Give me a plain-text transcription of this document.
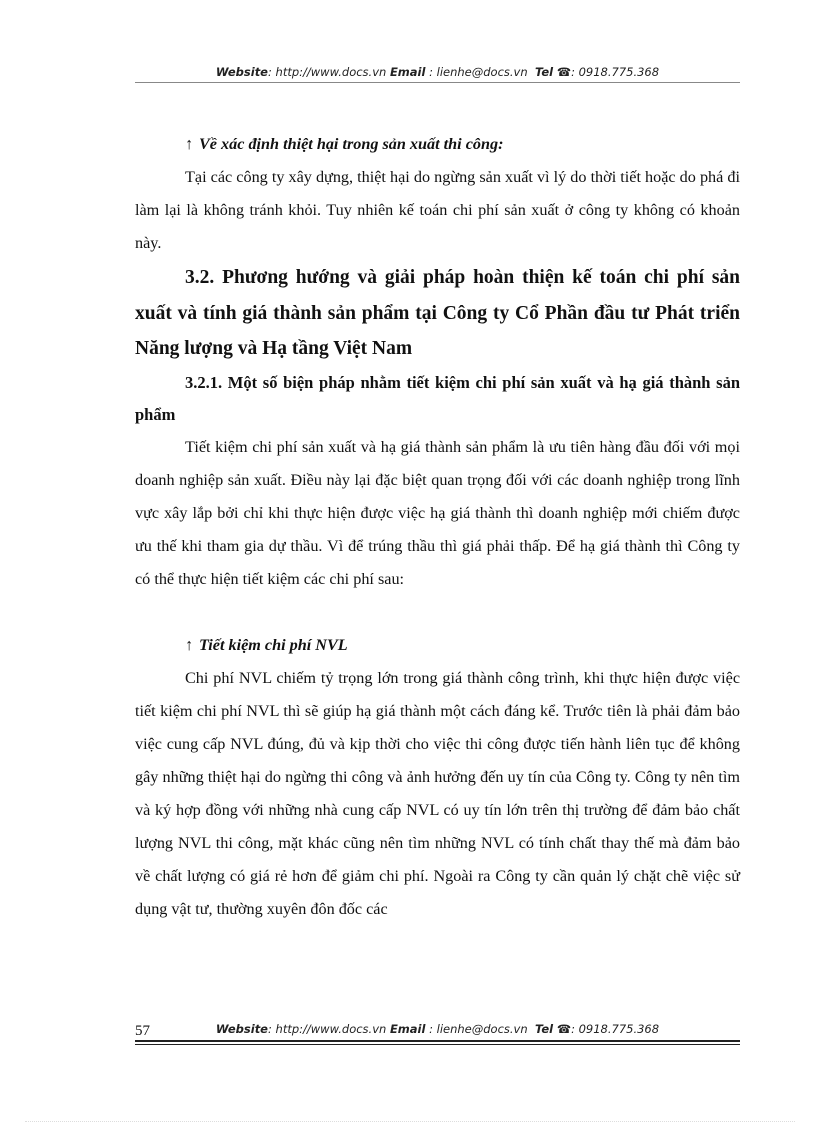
Website: http://www.docs.vn Email : lienhe@docs.vn Tel ☎: 0918.775.368

↑ Về xác định thiệt hại trong sản xuất thi công:

Tại các công ty xây dựng, thiệt hại do ngừng sản xuất vì lý do thời tiết hoặc do phá đi làm lại là không tránh khỏi. Tuy nhiên kế toán chi phí sản xuất ở công ty không có khoản này.

3.2. Phương hướng và giải pháp hoàn thiện kế toán chi phí sản xuất và tính giá thành sản phẩm tại Công ty Cổ Phần đầu tư Phát triển Năng lượng và Hạ tầng Việt Nam
3.2.1. Một số biện pháp nhằm tiết kiệm chi phí sản xuất và hạ giá thành sản phẩm

Tiết kiệm chi phí sản xuất và hạ giá thành sản phẩm là ưu tiên hàng đầu đối với mọi doanh nghiệp sản xuất. Điều này lại đặc biệt quan trọng đối với các doanh nghiệp trong lĩnh vực xây lắp bởi chỉ khi thực hiện được việc hạ giá thành thì doanh nghiệp mới chiếm được ưu thế khi tham gia dự thầu. Vì để trúng thầu thì giá phải thấp. Để hạ giá thành thì Công ty có thể thực hiện tiết kiệm các chi phí sau:

↑ Tiết kiệm chi phí NVL

Chi phí NVL chiếm tỷ trọng lớn trong giá thành công trình, khi thực hiện được việc tiết kiệm chi phí NVL thì sẽ giúp hạ giá thành một cách đáng kể. Trước tiên là phải đảm bảo việc cung cấp NVL đúng, đủ và kịp thời cho việc thi công được tiến hành liên tục để không gây những thiệt hại do ngừng thi công và ảnh hưởng đến uy tín của Công ty. Công ty nên tìm và ký hợp đồng với những nhà cung cấp NVL có uy tín lớn trên thị trường để đảm bảo chất lượng NVL thi công, mặt khác cũng nên tìm những NVL có tính chất thay thế mà đảm bảo về chất lượng có giá rẻ hơn để giảm chi phí. Ngoài ra Công ty cần quản lý chặt chẽ việc sử dụng vật tư, thường xuyên đôn đốc các

57	Website: http://www.docs.vn Email : lienhe@docs.vn Tel ☎: 0918.775.368
